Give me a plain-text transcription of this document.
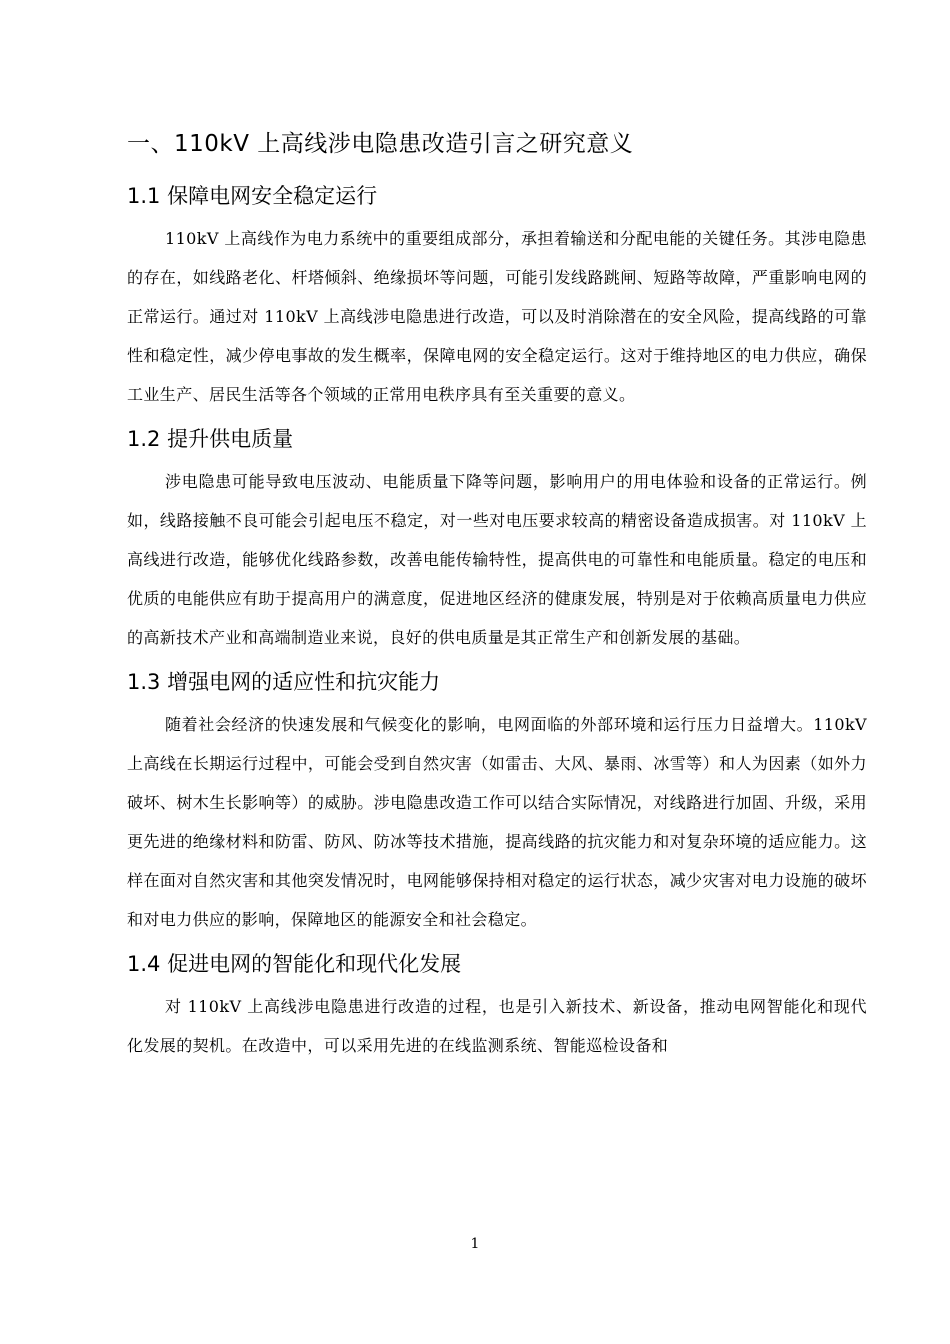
一、110kV 上高线涉电隐患改造引言之研究意义
1.1 保障电网安全稳定运行

110kV 上高线作为电力系统中的重要组成部分，承担着输送和分配电能的关键任务。其涉电隐患的存在，如线路老化、杆塔倾斜、绝缘损坏等问题，可能引发线路跳闸、短路等故障，严重影响电网的正常运行。通过对 110kV 上高线涉电隐患进行改造，可以及时消除潜在的安全风险，提高线路的可靠性和稳定性，减少停电事故的发生概率，保障电网的安全稳定运行。这对于维持地区的电力供应，确保工业生产、居民生活等各个领域的正常用电秩序具有至关重要的意义。

1.2 提升供电质量

涉电隐患可能导致电压波动、电能质量下降等问题，影响用户的用电体验和设备的正常运行。例如，线路接触不良可能会引起电压不稳定，对一些对电压要求较高的精密设备造成损害。对 110kV 上高线进行改造，能够优化线路参数，改善电能传输特性，提高供电的可靠性和电能质量。稳定的电压和优质的电能供应有助于提高用户的满意度，促进地区经济的健康发展，特别是对于依赖高质量电力供应的高新技术产业和高端制造业来说，良好的供电质量是其正常生产和创新发展的基础。

1.3 增强电网的适应性和抗灾能力

随着社会经济的快速发展和气候变化的影响，电网面临的外部环境和运行压力日益增大。110kV 上高线在长期运行过程中，可能会受到自然灾害（如雷击、大风、暴雨、冰雪等）和人为因素（如外力破坏、树木生长影响等）的威胁。涉电隐患改造工作可以结合实际情况，对线路进行加固、升级，采用更先进的绝缘材料和防雷、防风、防冰等技术措施，提高线路的抗灾能力和对复杂环境的适应能力。这样在面对自然灾害和其他突发情况时，电网能够保持相对稳定的运行状态，减少灾害对电力设施的破坏和对电力供应的影响，保障地区的能源安全和社会稳定。

1.4 促进电网的智能化和现代化发展

对 110kV 上高线涉电隐患进行改造的过程，也是引入新技术、新设备，推动电网智能化和现代化发展的契机。在改造中，可以采用先进的在线监测系统、智能巡检设备和

1
